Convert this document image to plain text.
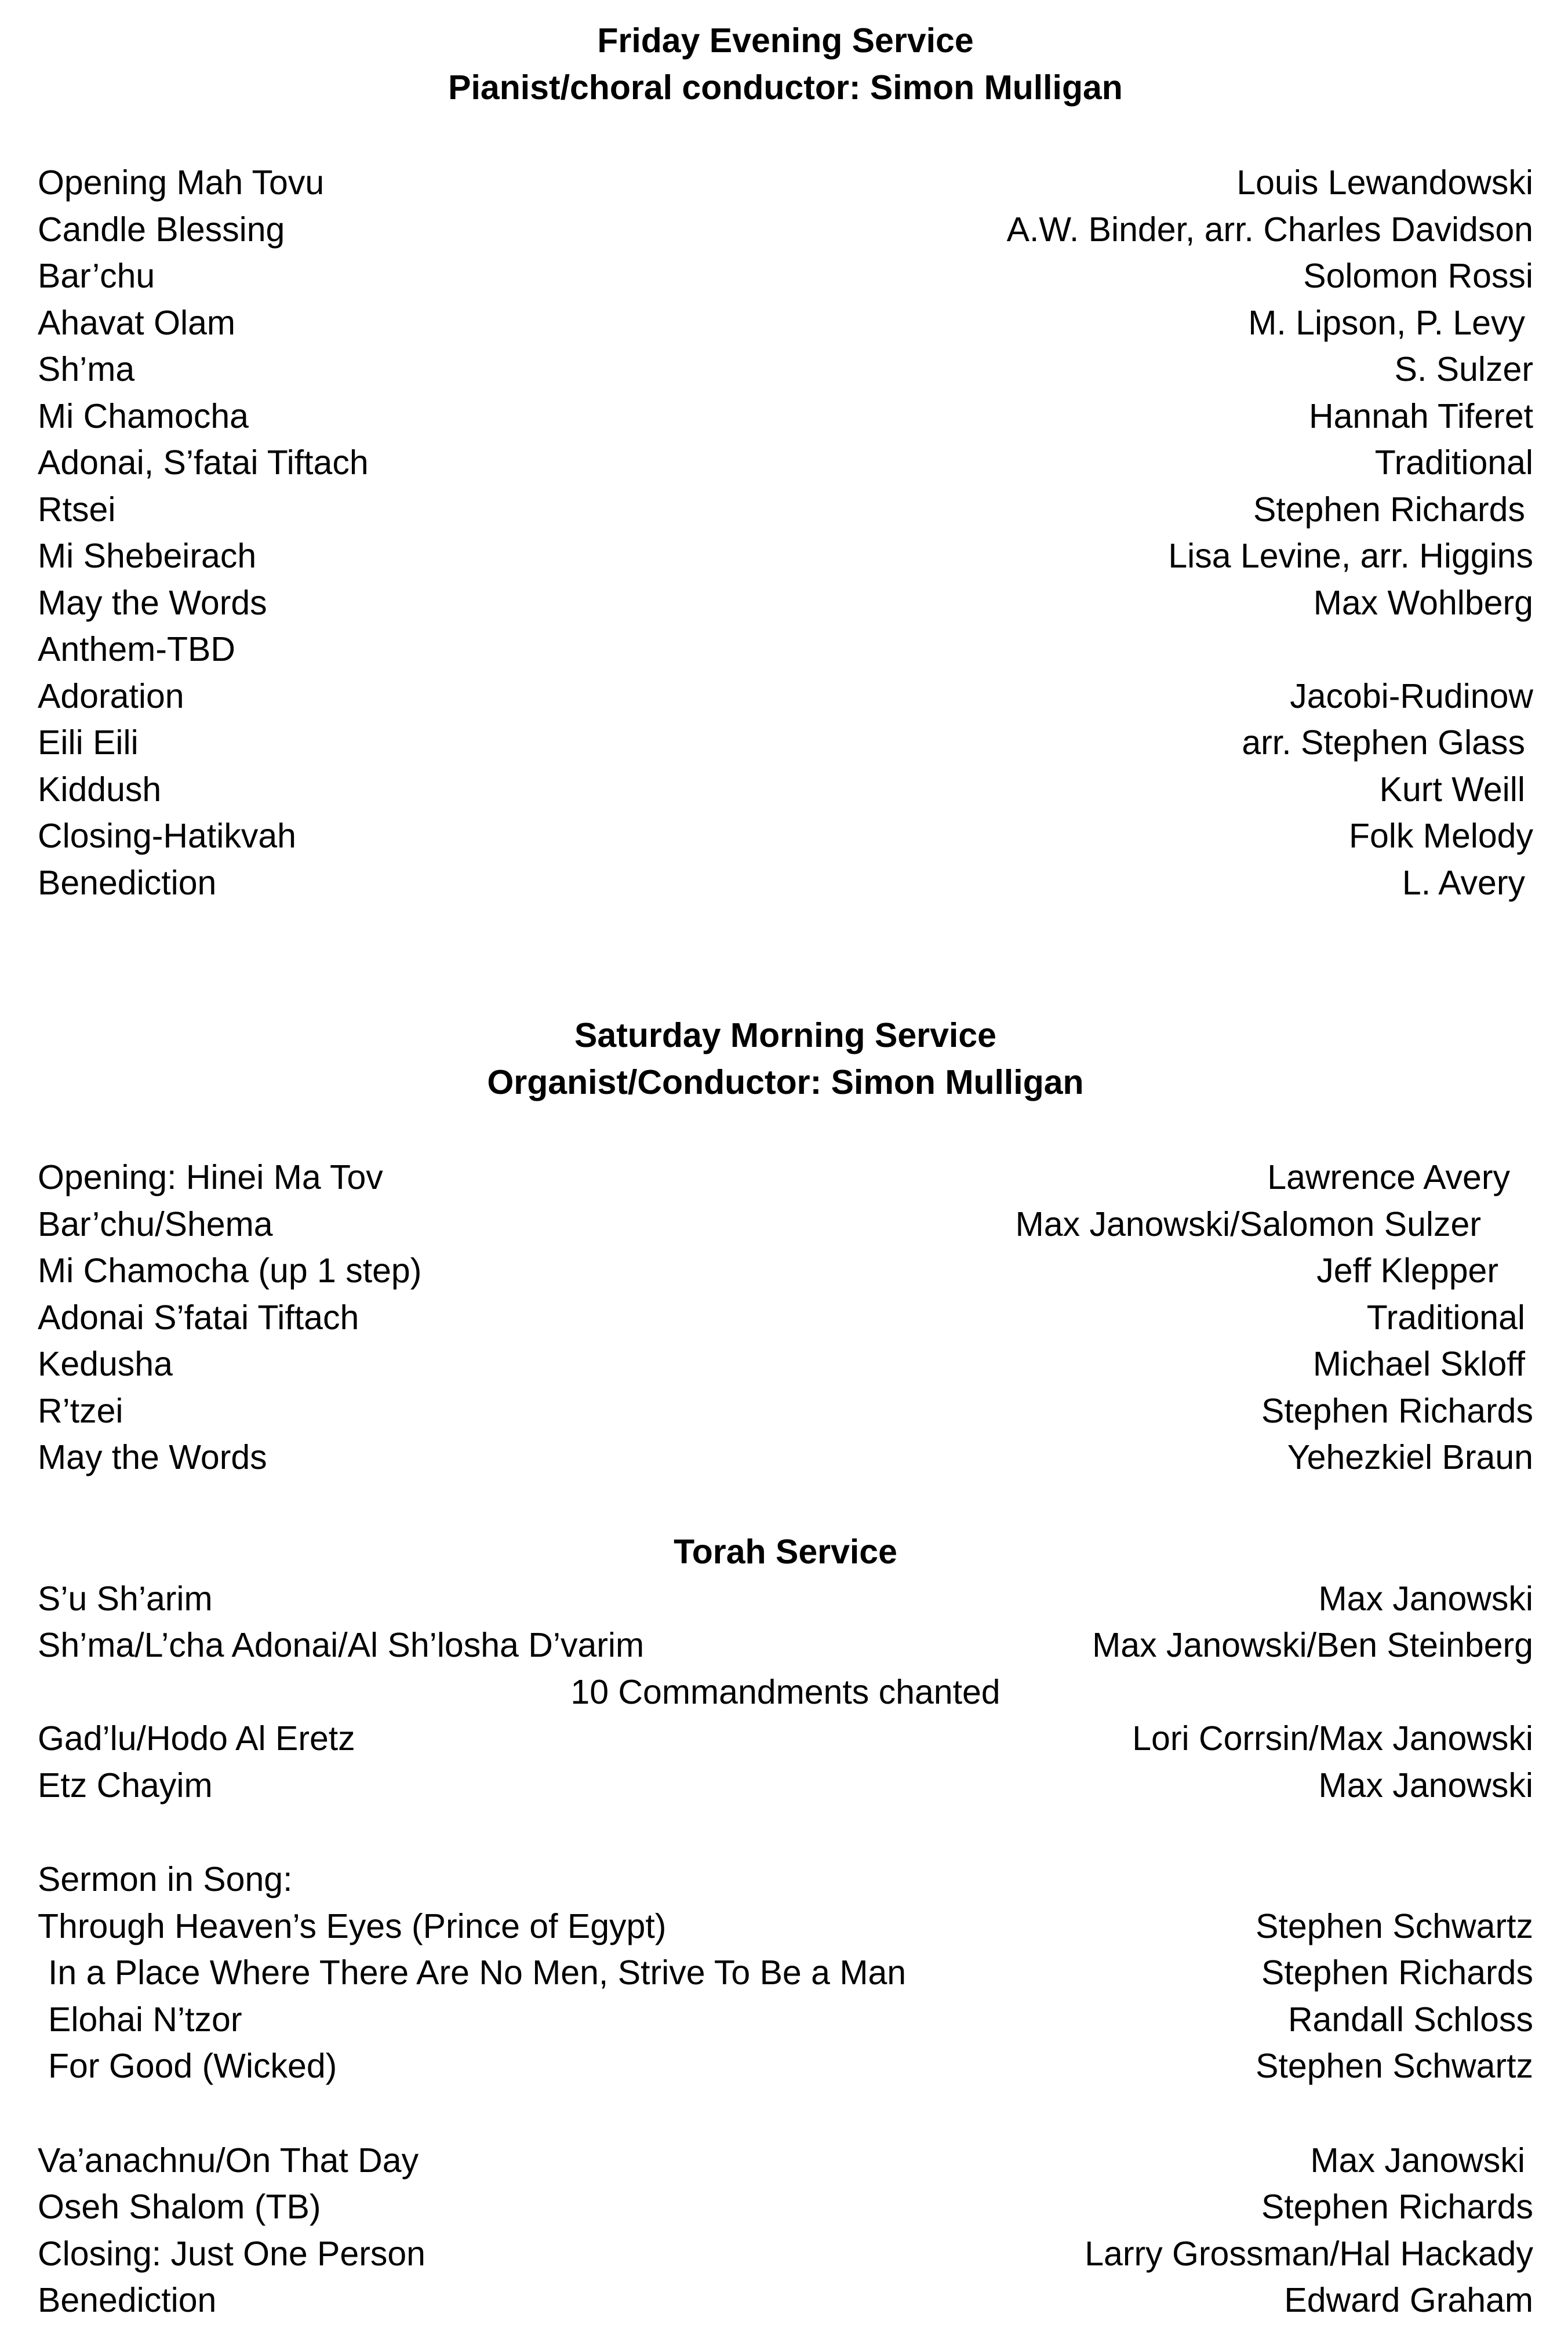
Friday Evening Service
Pianist/choral conductor: Simon Mulligan
Opening Mah Tovu	Louis Lewandowski
Candle Blessing	A.W. Binder, arr. Charles Davidson
Bar’chu	Solomon Rossi
Ahavat Olam	M. Lipson, P. Levy
Sh’ma	S. Sulzer
Mi Chamocha	Hannah Tiferet
Adonai, S’fatai Tiftach	Traditional
Rtsei	Stephen Richards
Mi Shebeirach	Lisa Levine, arr. Higgins
May the Words	Max Wohlberg
Anthem-TBD
Adoration	Jacobi-Rudinow
Eili Eili	arr. Stephen Glass
Kiddush	Kurt Weill
Closing-Hatikvah	Folk Melody
Benediction	L. Avery
Saturday Morning Service
Organist/Conductor: Simon Mulligan
Opening: Hinei Ma Tov	Lawrence Avery
Bar’chu/Shema	Max Janowski/Salomon Sulzer
Mi Chamocha (up 1 step)	Jeff Klepper
Adonai S’fatai Tiftach	Traditional
Kedusha	Michael Skloff
R’tzei	Stephen Richards
May the Words	Yehezkiel Braun
Torah Service
S’u Sh’arim	Max Janowski
Sh’ma/L’cha Adonai/Al Sh’losha D’varim	Max Janowski/Ben Steinberg
10 Commandments chanted
Gad’lu/Hodo Al Eretz	Lori Corrsin/Max Janowski
Etz Chayim	Max Janowski
Sermon in Song:
Through Heaven’s Eyes (Prince of Egypt)	Stephen Schwartz
In a Place Where There Are No Men, Strive To Be a Man	Stephen Richards
Elohai N’tzor	Randall Schloss
For Good (Wicked)	Stephen Schwartz
Va’anachnu/On That Day	Max Janowski
Oseh Shalom (TB)	Stephen Richards
Closing: Just One Person	Larry Grossman/Hal Hackady
Benediction	Edward Graham
